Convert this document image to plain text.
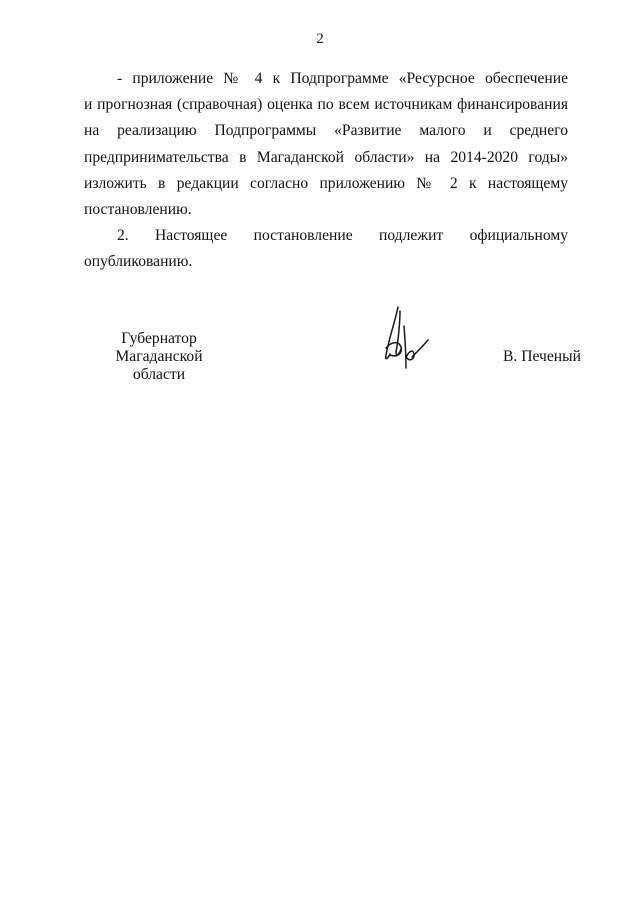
2
- приложение № 4 к Подпрограмме «Ресурсное обеспечение
и прогнозная (справочная) оценка по всем источникам финансирования
на реализацию Подпрограммы «Развитие малого и среднего
предпринимательства в Магаданской области» на 2014-2020 годы»
изложить в редакции согласно приложению № 2 к настоящему
постановлению.
2. Настоящее постановление подлежит официальному
опубликованию.
Губернатор
Магаданской области
В. Печеный
